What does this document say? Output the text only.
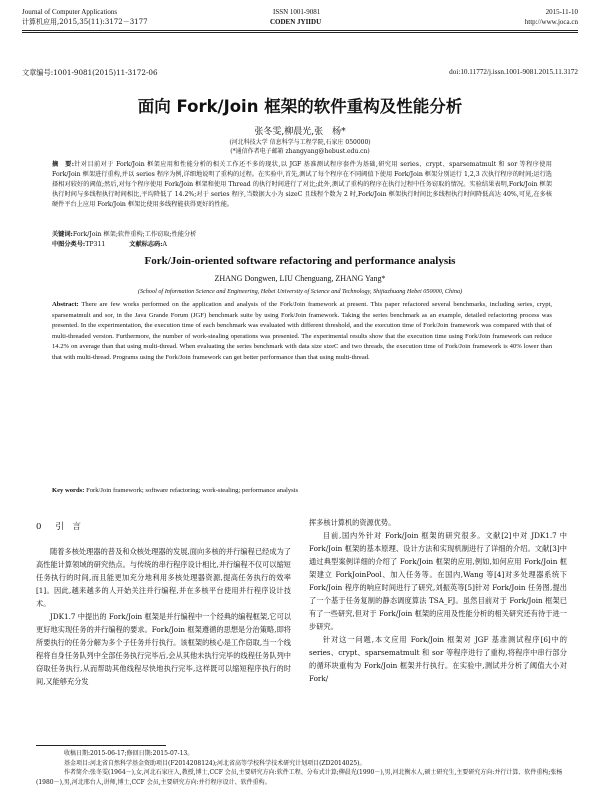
Journal of Computer Applications
计算机应用,2015,35(11):3172－3177
ISSN 1001-9081
CODEN JYIIDU
2015-11-10
http://www.joca.cn
文章编号:1001-9081(2015)11-3172-06	doi:10.11772/j.issn.1001-9081.2015.11.3172
面向 Fork/Join 框架的软件重构及性能分析
张冬雯,柳晨光,张　杨*
(河北科技大学 信息科学与工程学院,石家庄 050000)
(*通信作者电子邮箱 zhangyang@hebust.edu.cn)
摘　要:针对目前对于 Fork/Join 框架应用和性能分析的相关工作还不多的现状,以 JGF 基准测试程序套件为基础,研究用 series、crypt、sparsematmult 和 sor 等程序使用 Fork/Join 框架进行重构,并以 series 程序为例,详细地说明了重构的过程。在实验中,首先,测试了每个程序在不同阈值下使用 Fork/Join 框架分别运行 1,2,3 次执行程序的时间;运行选择相对较好的阈值;然后,对每个程序使用 Fork/Join 框架和使用 Thread 的执行时间进行了对比;此外,测试了重构的程序在执行过程中任务窃取的情况。实验结果表明,Fork/Join 框架执行时间与多线程执行时间相比,平均降低了 14.2%;对于 series 程序,当数据大小为 sizeC 且线程个数为 2 时,Fork/Join 框架执行时间比多线程执行时间降低高达 40%,可见,在多核硬件平台上应用 Fork/Join 框架比使用多线程能获得更好的性能。
关键词:Fork/Join 框架;软件重构;工作窃取;性能分析
中图分类号:TP311	文献标志码:A
Fork/Join-oriented software refactoring and performance analysis
ZHANG Dongwen, LIU Chenguang, ZHANG Yang*
(School of Information Science and Engineering, Hebei University of Science and Technology, Shijiazhuang Hebei 050000, China)
Abstract: There are few works performed on the application and analysis of the Fork/Join framework at present. This paper refactored several benchmarks, including series, crypt, sparsematmult and sor, in the Java Grande Forum (JGF) benchmark suite by using Fork/Join framework. Taking the series benchmark as an example, detailed refactoring process was presented. In the experimentation, the execution time of each benchmark was evaluated with different threshold, and the execution time of Fork/Join framework was compared with that of multi-threaded version. Furthermore, the number of work-stealing operations was presented. The experimental results show that the execution time using Fork/Join framework can reduce 14.2% on average than that using multi-thread. When evaluating the series benchmark with data size sizeC and two threads, the execution time of Fork/Join framework is 40% lower than that with multi-thread. Programs using the Fork/Join framework can get better performance than that using multi-thread.
Key words: Fork/Join framework; software refactoring; work-stealing; performance analysis
0 引　言

随着多核处理器的普及和众核处理器的发展,面向多核的并行编程已经成为了高性能计算领域的研究热点。与传统的串行程序设计相比,并行编程不仅可以缩短任务执行的时间,而且能更加充分地利用多核处理器资源,提高任务执行的效率[1]。因此,越来越多的人开始关注并行编程,并在多核平台使用并行程序设计技术。

JDK1.7 中提出的 Fork/Join 框架是并行编程中一个经典的编程框架,它可以更好地实现任务的并行编程的要求。Fork/Join 框架遵循的思想是分治策略,即将所要执行的任务分解为多个子任务并行执行。该框架的核心是工作窃取,当一个线程将自身任务队列中全部任务执行完毕后,会从其他未执行完毕的线程任务队列中窃取任务执行,从而帮助其他线程尽快地执行完毕,这样既可以缩短程序执行的时间,又能够充分发

挥多核计算机的资源优势。

目前,国内外针对 Fork/Join 框架的研究很多。文献[2]中对 JDK1.7 中 Fork/Join 框架的基本原理、设计方法和实现机制进行了详细的介绍。文献[3]中通过典型案例详细的介绍了 Fork/Join 框架的应用,例如,如何应用 Fork/Join 框架建立 ForkJoinPool、加入任务等。在国内,Wang 等[4]对多处理器系统下 Fork/Join 程序的响应时间进行了研究,刘振英等[5]针对 Fork/Join 任务图,提出了一个基于任务复制的静态调度算法 TSA_FJ。虽然目前对于 Fork/Join 框架已有了一些研究,但对于 Fork/Join 框架的应用及性能分析的相关研究还有待于进一步研究。

针对这一问题,本文应用 Fork/Join 框架对 JGF 基准测试程序[6]中的 series、crypt、sparsematmult 和 sor 等程序进行了重构,将程序中串行部分的循环块重构为 Fork/Join 框架并行执行。在实验中,测试并分析了阈值大小对 Fork/

收稿日期:2015-06-17;修回日期:2015-07-13。
基金项目:河北省自然科学基金资助项目(F2014208124);河北省高等学校科学技术研究计划项目(ZD2014025)。
作者简介:张冬雯(1964－),女,河北石家庄人,教授,博士,CCF 会员,主要研究方向:软件工程、分布式计算;柳晨光(1990－),男,河北衡水人,硕士研究生,主要研究方向:并行计算、软件重构;张杨(1980－),男,河北邢台人,讲师,博士,CCF 会员,主要研究方向:并行程序设计、软件重构。
